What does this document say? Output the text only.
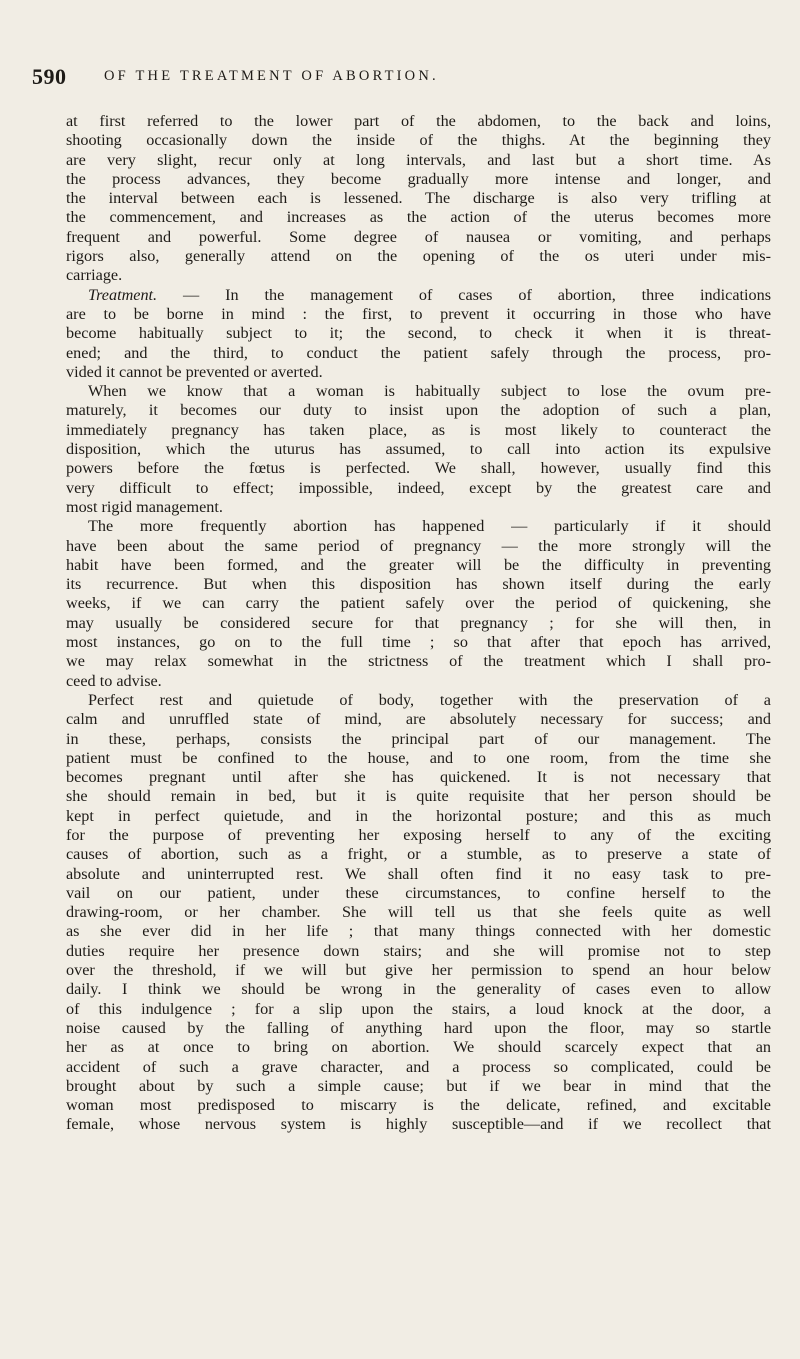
590	OF THE TREATMENT OF ABORTION.
at first referred to the lower part of the abdomen, to the back and loins,
shooting occasionally down the inside of the thighs. At the beginning they
are very slight, recur only at long intervals, and last but a short time. As
the process advances, they become gradually more intense and longer, and
the interval between each is lessened. The discharge is also very trifling at
the commencement, and increases as the action of the uterus becomes more
frequent and powerful. Some degree of nausea or vomiting, and perhaps
rigors also, generally attend on the opening of the os uteri under mis-
carriage.
Treatment. — In the management of cases of abortion, three indications
are to be borne in mind : the first, to prevent it occurring in those who have
become habitually subject to it; the second, to check it when it is threat-
ened; and the third, to conduct the patient safely through the process, pro-
vided it cannot be prevented or averted.
When we know that a woman is habitually subject to lose the ovum pre-
maturely, it becomes our duty to insist upon the adoption of such a plan,
immediately pregnancy has taken place, as is most likely to counteract the
disposition, which the uturus has assumed, to call into action its expulsive
powers before the fœtus is perfected. We shall, however, usually find this
very difficult to effect; impossible, indeed, except by the greatest care and
most rigid management.
The more frequently abortion has happened — particularly if it should
have been about the same period of pregnancy — the more strongly will the
habit have been formed, and the greater will be the difficulty in preventing
its recurrence. But when this disposition has shown itself during the early
weeks, if we can carry the patient safely over the period of quickening, she
may usually be considered secure for that pregnancy ; for she will then, in
most instances, go on to the full time ; so that after that epoch has arrived,
we may relax somewhat in the strictness of the treatment which I shall pro-
ceed to advise.
Perfect rest and quietude of body, together with the preservation of a
calm and unruffled state of mind, are absolutely necessary for success; and
in these, perhaps, consists the principal part of our management. The
patient must be confined to the house, and to one room, from the time she
becomes pregnant until after she has quickened. It is not necessary that
she should remain in bed, but it is quite requisite that her person should be
kept in perfect quietude, and in the horizontal posture; and this as much
for the purpose of preventing her exposing herself to any of the exciting
causes of abortion, such as a fright, or a stumble, as to preserve a state of
absolute and uninterrupted rest. We shall often find it no easy task to pre-
vail on our patient, under these circumstances, to confine herself to the
drawing-room, or her chamber. She will tell us that she feels quite as well
as she ever did in her life ; that many things connected with her domestic
duties require her presence down stairs; and she will promise not to step
over the threshold, if we will but give her permission to spend an hour below
daily. I think we should be wrong in the generality of cases even to allow
of this indulgence ; for a slip upon the stairs, a loud knock at the door, a
noise caused by the falling of anything hard upon the floor, may so startle
her as at once to bring on abortion. We should scarcely expect that an
accident of such a grave character, and a process so complicated, could be
brought about by such a simple cause; but if we bear in mind that the
woman most predisposed to miscarry is the delicate, refined, and excitable
female, whose nervous system is highly susceptible—and if we recollect that
